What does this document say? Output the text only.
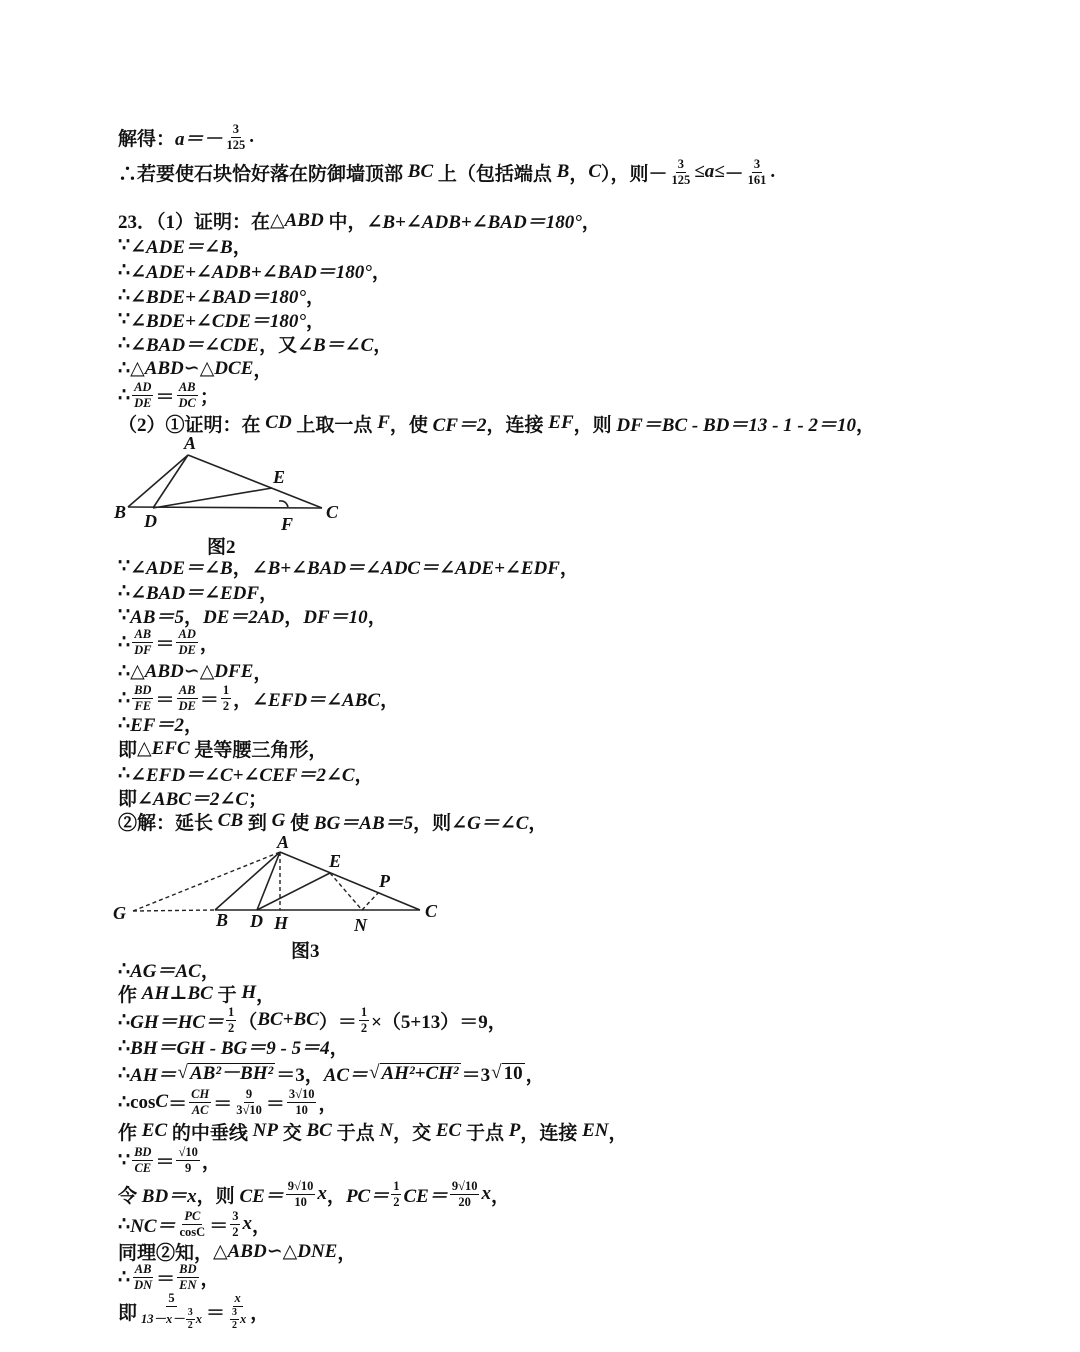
解得： $a=- \frac{3}{125}$ .
∴若要使石块恰好落在防御墙顶部 BC 上（包括端点 B ， C ），则－ $\frac{3}{125} \le a\le - \frac{3}{161}$ .
23．（1）证明：在 △ABD 中， ∠B+∠ADB+∠BAD＝180° ，
∵ ∠ADE＝∠B ，
∴ ∠ADE+∠ADB+∠BAD＝180° ，
∴ ∠BDE+∠BAD＝180° ，
∵ ∠BDE+∠CDE＝180° ，
∴ ∠BAD＝∠CDE ，又 ∠B＝∠C ，
∴ △ABD∽△DCE ，
∴ $\frac{AD}{DE} = \frac{AB}{DC}$ ；
（2）①证明：在 CD 上取一点 F ，使 CF＝2 ，连接 EF ，则 DF＝BC - BD＝13 - 1 - 2＝10 ，
A
B D
E
F
C
图2
∵ ∠ADE＝∠B ， ∠B+∠BAD＝∠ADC＝∠ADE+∠EDF ，
∴ ∠BAD＝∠EDF ，
∵ AB＝5 ， DE＝2AD ， DF＝10 ，
∴ $\frac{AB}{DF} = \frac{AD}{DE}$ ，
∴ △ABD∽△DFE ，
∴ $\frac{BD}{FE} = \frac{AB}{DE} = \frac{1}{2}$ ， ∠EFD＝∠ABC ，
∴ EF＝2 ，
即 △EFC 是等腰三角形，
∴ ∠EFD＝∠C+∠CEF＝2∠C ，
即 ∠ABC＝2∠C ；
②解：延长 CB 到 G 使 BG＝AB＝5 ，则 ∠G＝∠C ，
A
E
P
G	B D H	N
C
图3
∴ AG＝AC ，
作 AH⊥BC 于 H ，
∴ $GH=HC= \frac{1}{2}$ （ BC+BC ）＝ $\frac{1}{2} \times(5+13)=9$，
∴ BH＝GH - BG＝9 - 5＝4 ，
∴ AH＝ √ AB²－BH² ＝3， AC＝ √ AH²+CH² ＝3 √ 10 ，
∴cos $C = \frac{CH}{AC} = \frac{9}{3√10} = \frac{3√10}{10}$ ，
作 EC 的中垂线 NP 交 BC 于点 N ，交 EC 于点 P ，连接 EN ，
∵ $\frac{BD}{CE} = \frac{√10}{9}$ ，
令 BD＝x ，则 $CE= \frac{9√10}{10}$ x ， $PC= \frac{1}{2} CE= \frac{9√10}{20}$ x ，
∴ $NC= \frac{PC}{\cos C} = \frac{3}{2}$ x ，
同理②知， △ABD∽△DNE ，
∴ $\frac{AB}{DN} = \frac{BD}{EN}$ ，
即 $\frac{5}{13-x- \frac{3}{2} x} = \frac{x}{\frac{3}{2} x}$ ，
